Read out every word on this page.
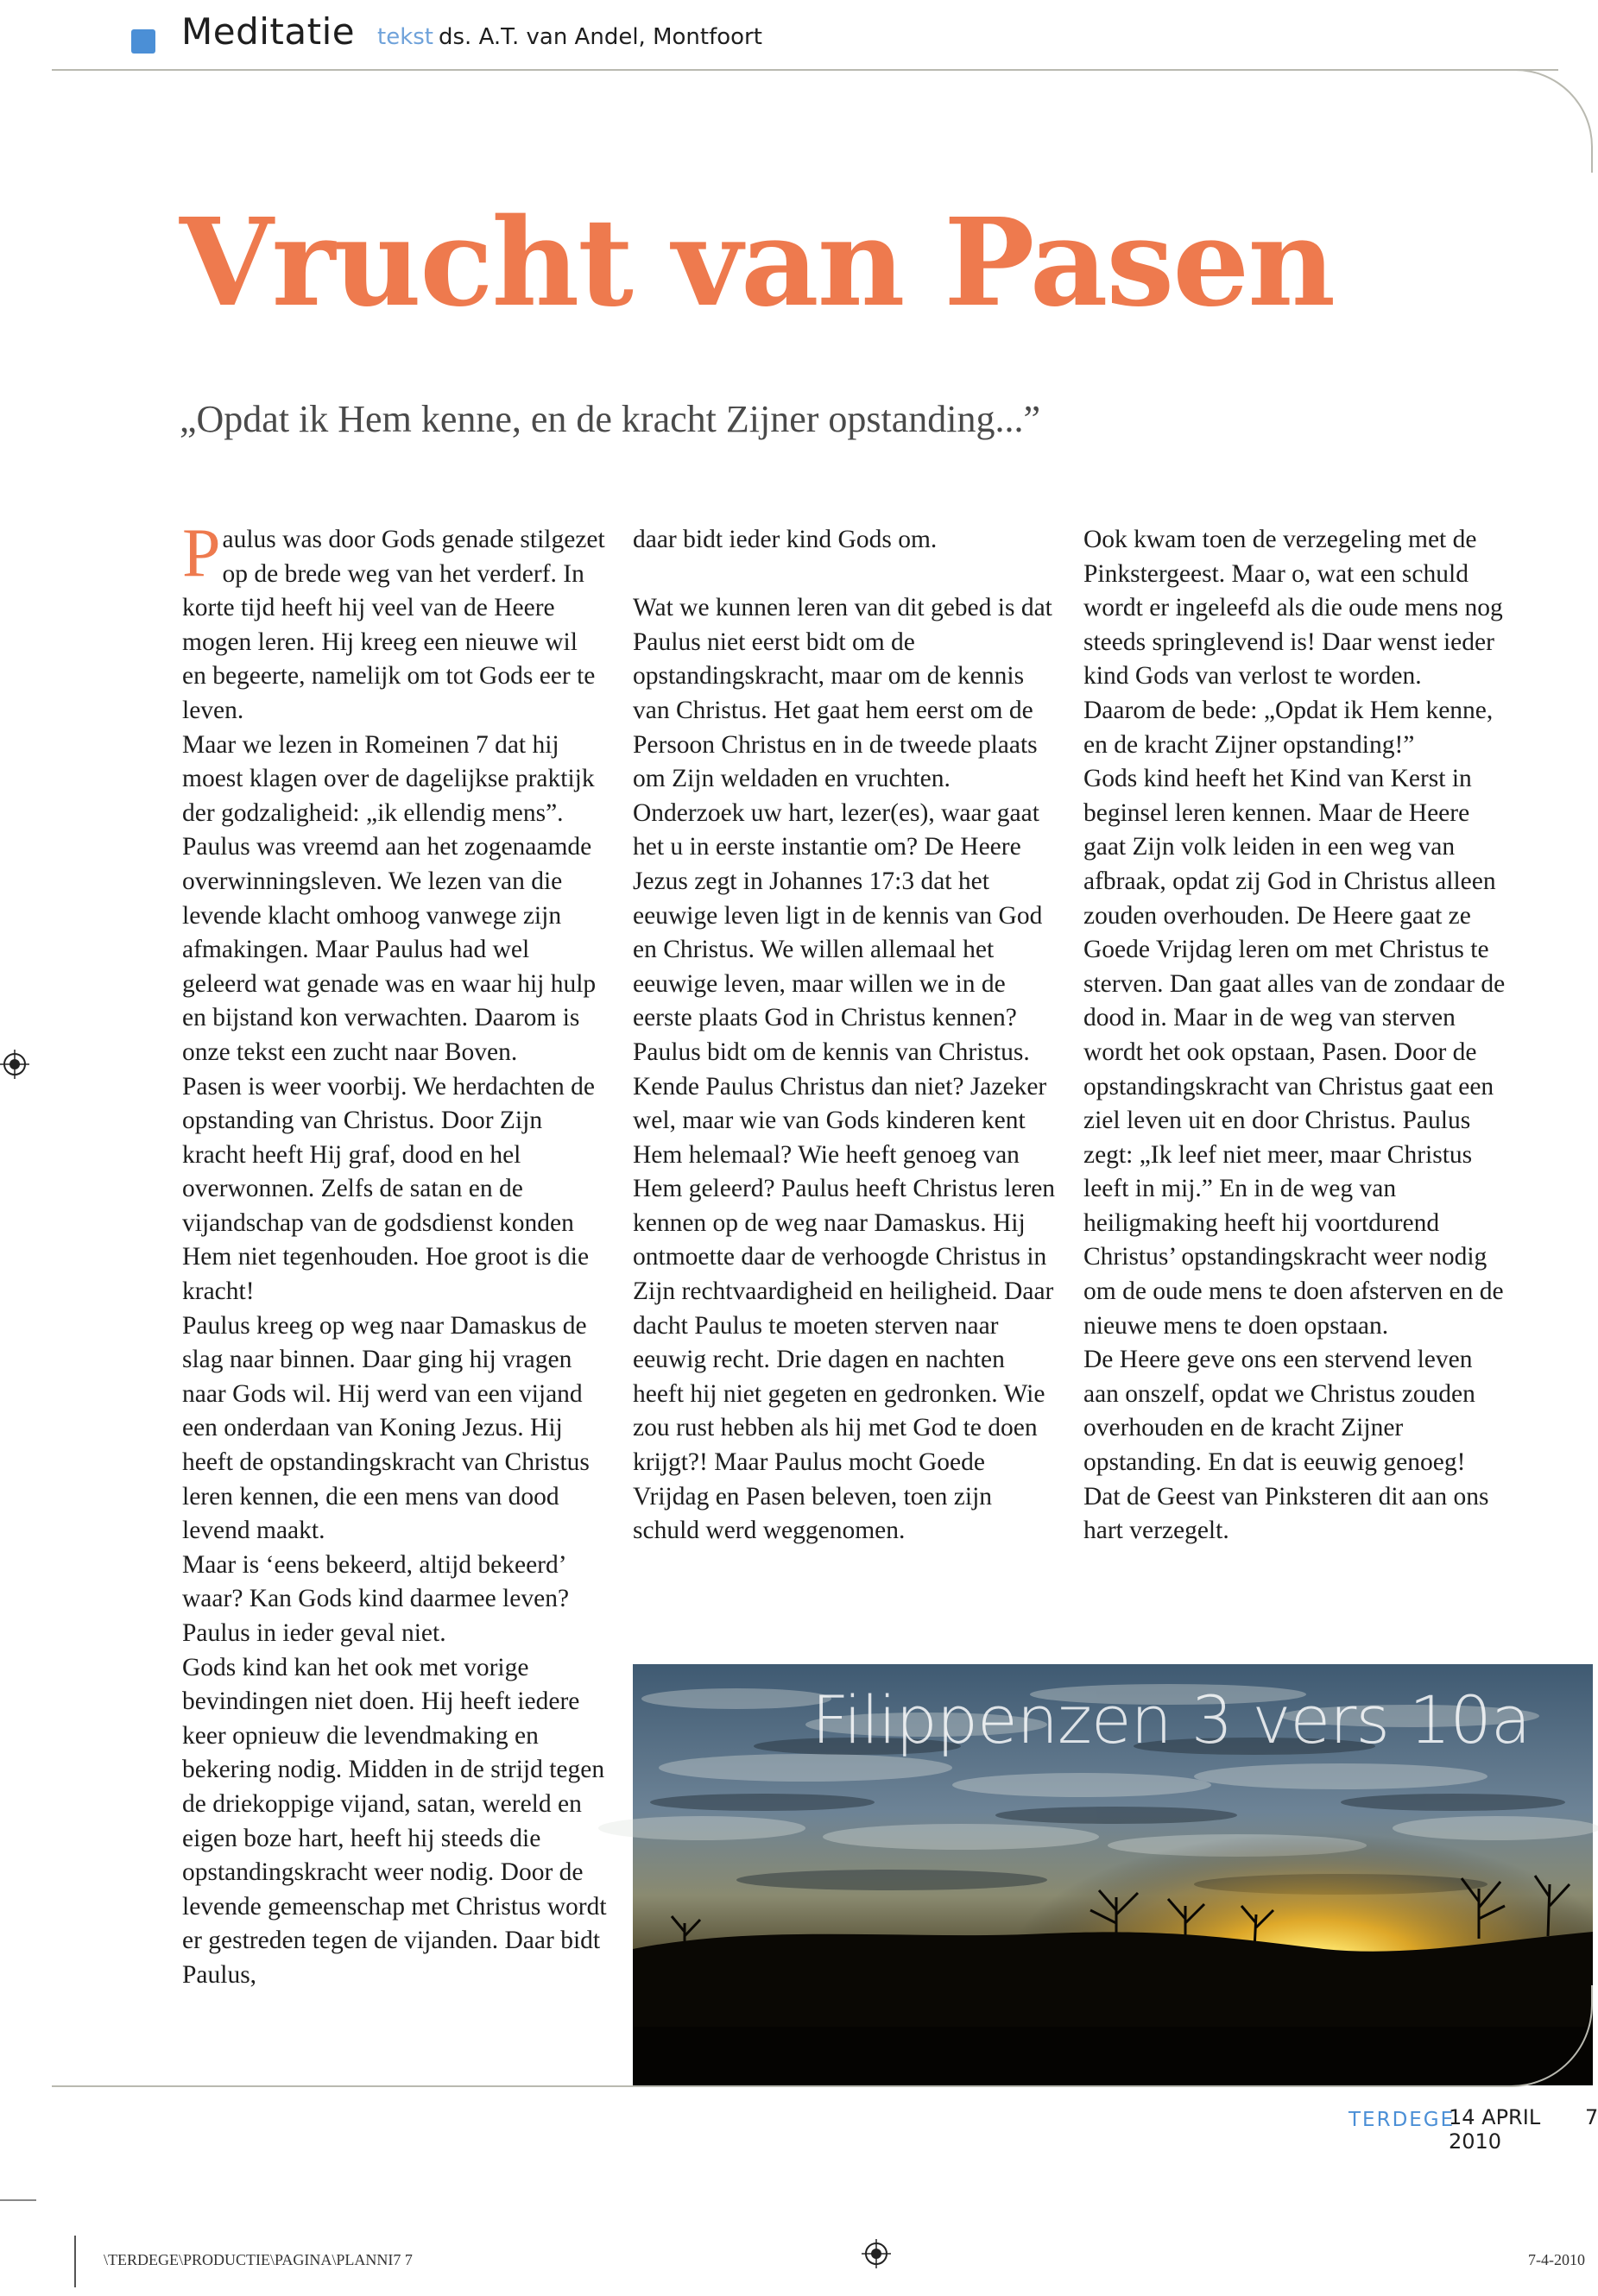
Meditatie tekst ds. A.T. van Andel, Montfoort
Vrucht van Pasen
„Opdat ik Hem kenne, en de kracht Zijner opstanding...”

Paulus was door Gods genade stilgezet op de brede weg van het verderf. In korte tijd heeft hij veel van de Heere mogen leren. Hij kreeg een nieuwe wil en begeerte, namelijk om tot Gods eer te leven.

Maar we lezen in Romeinen 7 dat hij moest klagen over de dagelijkse praktijk der godzaligheid: „ik ellendig mens”. Paulus was vreemd aan het zogenaamde overwinningsleven. We lezen van die levende klacht omhoog vanwege zijn afmakingen. Maar Paulus had wel geleerd wat genade was en waar hij hulp en bijstand kon verwachten. Daarom is onze tekst een zucht naar Boven.

Pasen is weer voorbij. We herdachten de opstanding van Christus. Door Zijn kracht heeft Hij graf, dood en hel overwonnen. Zelfs de satan en de vijandschap van de godsdienst konden Hem niet tegenhouden. Hoe groot is die kracht!

Paulus kreeg op weg naar Damaskus de slag naar binnen. Daar ging hij vragen naar Gods wil. Hij werd van een vijand een onderdaan van Koning Jezus. Hij heeft de opstandingskracht van Christus leren kennen, die een mens van dood levend maakt.

Maar is ‘eens bekeerd, altijd bekeerd’ waar? Kan Gods kind daarmee leven? Paulus in ieder geval niet.

Gods kind kan het ook met vorige bevindingen niet doen. Hij heeft iedere keer opnieuw die levendmaking en bekering nodig. Midden in de strijd tegen de driekoppige vijand, satan, wereld en eigen boze hart, heeft hij steeds die opstandingskracht weer nodig. Door de levende gemeenschap met Christus wordt er gestreden tegen de vijanden. Daar bidt Paulus,

daar bidt ieder kind Gods om.

Wat we kunnen leren van dit gebed is dat Paulus niet eerst bidt om de opstandingskracht, maar om de kennis van Christus. Het gaat hem eerst om de Persoon Christus en in de tweede plaats om Zijn weldaden en vruchten. Onderzoek uw hart, lezer(es), waar gaat het u in eerste instantie om? De Heere Jezus zegt in Johannes 17:3 dat het eeuwige leven ligt in de kennis van God en Christus. We willen allemaal het eeuwige leven, maar willen we in de eerste plaats God in Christus kennen?

Paulus bidt om de kennis van Christus. Kende Paulus Christus dan niet? Jazeker wel, maar wie van Gods kinderen kent Hem helemaal? Wie heeft genoeg van Hem geleerd? Paulus heeft Christus leren kennen op de weg naar Damaskus. Hij ontmoette daar de verhoogde Christus in Zijn rechtvaardigheid en heiligheid. Daar dacht Paulus te moeten sterven naar eeuwig recht. Drie dagen en nachten heeft hij niet gegeten en gedronken. Wie zou rust hebben als hij met God te doen krijgt?! Maar Paulus mocht Goede Vrijdag en Pasen beleven, toen zijn schuld werd weggenomen.

Ook kwam toen de verzegeling met de Pinkstergeest. Maar o, wat een schuld wordt er ingeleefd als die oude mens nog steeds springlevend is! Daar wenst ieder kind Gods van verlost te worden. Daarom de bede: „Opdat ik Hem kenne, en de kracht Zijner opstanding!”

Gods kind heeft het Kind van Kerst in beginsel leren kennen. Maar de Heere gaat Zijn volk leiden in een weg van afbraak, opdat zij God in Christus alleen zouden overhouden. De Heere gaat ze Goede Vrijdag leren om met Christus te sterven. Dan gaat alles van de zondaar de dood in. Maar in de weg van sterven wordt het ook opstaan, Pasen. Door de opstandingskracht van Christus gaat een ziel leven uit en door Christus. Paulus zegt: „Ik leef niet meer, maar Christus leeft in mij.” En in de weg van heiligmaking heeft hij voortdurend Christus’ opstandingskracht weer nodig om de oude mens te doen afsterven en de nieuwe mens te doen opstaan.

De Heere geve ons een stervend leven aan onszelf, opdat we Christus zouden overhouden en de kracht Zijner opstanding. En dat is eeuwig genoeg! Dat de Geest van Pinksteren dit aan ons hart verzegelt.

Filippenzen 3 vers 10a
TERDEGE
14 APRIL 2010
7
\TERDEGE\PRODUCTIE\PAGINA\PLANNI7 7	7-4-2010
